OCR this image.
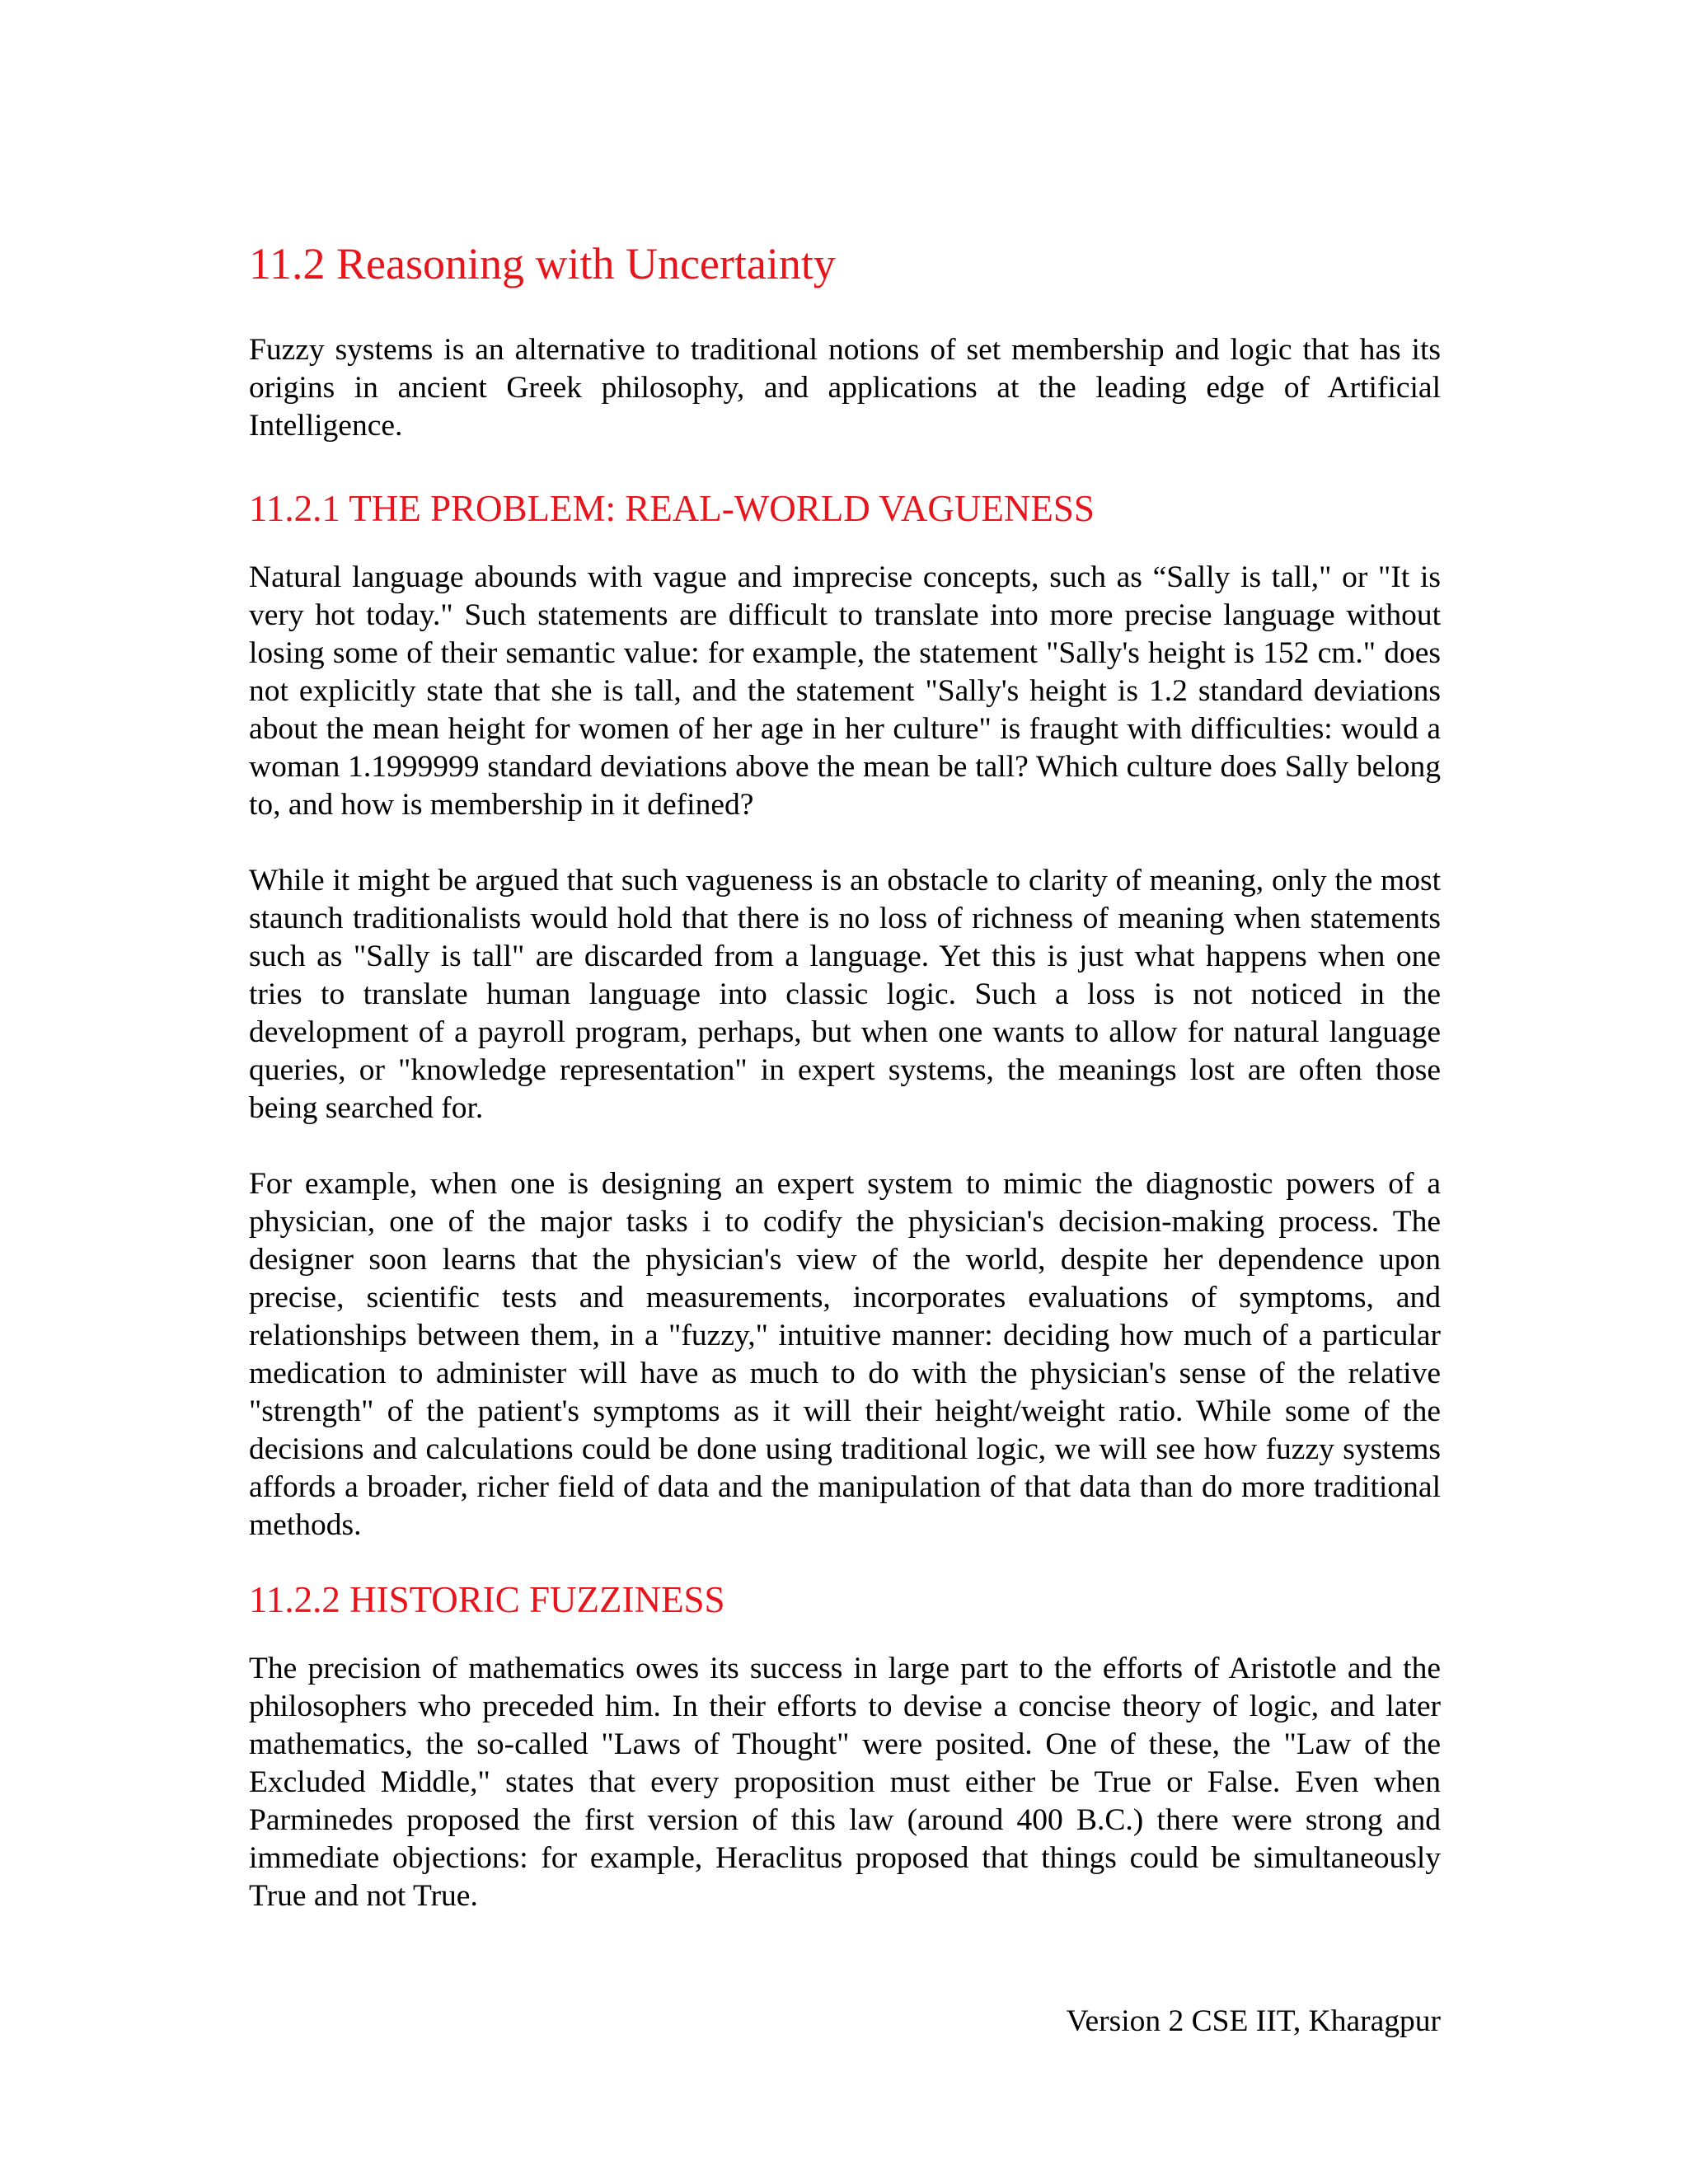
11.2 Reasoning with Uncertainty

Fuzzy systems is an alternative to traditional notions of set membership and logic that has its origins in ancient Greek philosophy, and applications at the leading edge of Artificial Intelligence.

11.2.1 THE PROBLEM: REAL-WORLD VAGUENESS

Natural language abounds with vague and imprecise concepts, such as “Sally is tall," or "It is very hot today." Such statements are difficult to translate into more precise language without losing some of their semantic value: for example, the statement "Sally's height is 152 cm." does not explicitly state that she is tall, and the statement "Sally's height is 1.2 standard deviations about the mean height for women of her age in her culture" is fraught with difficulties: would a woman 1.1999999 standard deviations above the mean be tall? Which culture does Sally belong to, and how is membership in it defined?

While it might be argued that such vagueness is an obstacle to clarity of meaning, only the most staunch traditionalists would hold that there is no loss of richness of meaning when statements such as "Sally is tall" are discarded from a language. Yet this is just what happens when one tries to translate human language into classic logic. Such a loss is not noticed in the development of a payroll program, perhaps, but when one wants to allow for natural language queries, or "knowledge representation" in expert systems, the meanings lost are often those being searched for.

For example, when one is designing an expert system to mimic the diagnostic powers of a physician, one of the major tasks i to codify the physician's decision-making process. The designer soon learns that the physician's view of the world, despite her dependence upon precise, scientific tests and measurements, incorporates evaluations of symptoms, and relationships between them, in a "fuzzy," intuitive manner: deciding how much of a particular medication to administer will have as much to do with the physician's sense of the relative "strength" of the patient's symptoms as it will their height/weight ratio. While some of the decisions and calculations could be done using traditional logic, we will see how fuzzy systems affords a broader, richer field of data and the manipulation of that data than do more traditional methods.

11.2.2 HISTORIC FUZZINESS

The precision of mathematics owes its success in large part to the efforts of Aristotle and the philosophers who preceded him. In their efforts to devise a concise theory of logic, and later mathematics, the so-called "Laws of Thought" were posited. One of these, the "Law of the Excluded Middle," states that every proposition must either be True or False. Even when Parminedes proposed the first version of this law (around 400 B.C.) there were strong and immediate objections: for example, Heraclitus proposed that things could be simultaneously True and not True.

Version 2 CSE IIT, Kharagpur
